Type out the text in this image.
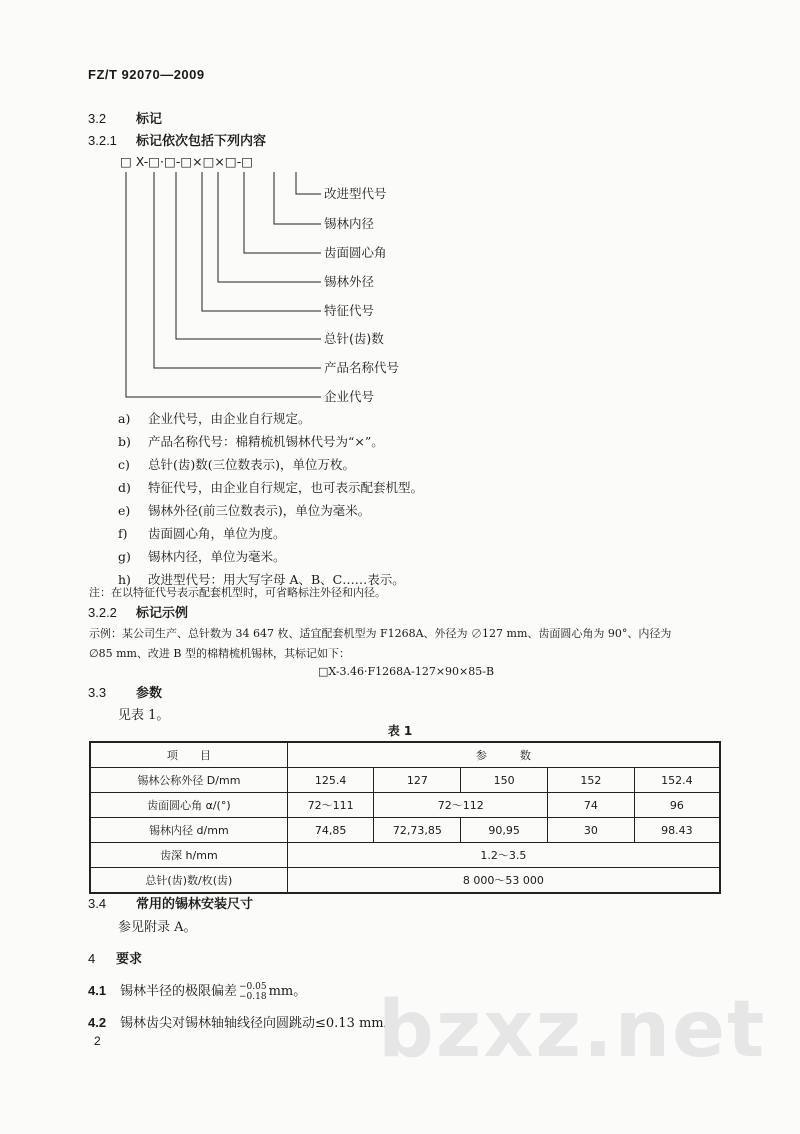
FZ/T 92070—2009
3.2 标记
3.2.1 标记依次包括下列内容
□ X-□·□-□×□×□-□
改进型代号
锡林内径
齿面圆心角
锡林外径
特征代号
总针(齿)数
产品名称代号
企业代号
a) 企业代号，由企业自行规定。
b) 产品名称代号：棉精梳机锡林代号为“×”。
c) 总针(齿)数(三位数表示)，单位万枚。
d) 特征代号，由企业自行规定，也可表示配套机型。
e) 锡林外径(前三位数表示)，单位为毫米。
f) 齿面圆心角，单位为度。
g) 锡林内径，单位为毫米。
h) 改进型代号：用大写字母 A、B、C……表示。
注：在以特征代号表示配套机型时，可省略标注外径和内径。
3.2.2 标记示例
示例：某公司生产、总针数为 34 647 枚、适宜配套机型为 F1268A、外径为 ∅127 mm、齿面圆心角为 90°、内径为
∅85 mm、改进 B 型的棉精梳机锡林，其标记如下：
□X-3.46·F1268A-127×90×85-B
3.3 参数
见表 1。
表 1
项　　目	参　　　数				
锡林公称外径 D/mm	125.4	127	150	152	152.4
齿面圆心角 α/(°)	72～111	72～112		74	96
锡林内径 d/mm	74,85	72,73,85	90,95	30	98.43
齿深 h/mm	1.2～3.5				
总针(齿)数/枚(齿)	8 000～53 000				
3.4 常用的锡林安装尺寸
参见附录 A。
4 要求
4.1 锡林半径的极限偏差 −0.05
−0.18 mm。
4.2 锡林齿尖对锡林轴轴线径向圆跳动≤0.13 mm。
bzxz.net
2
